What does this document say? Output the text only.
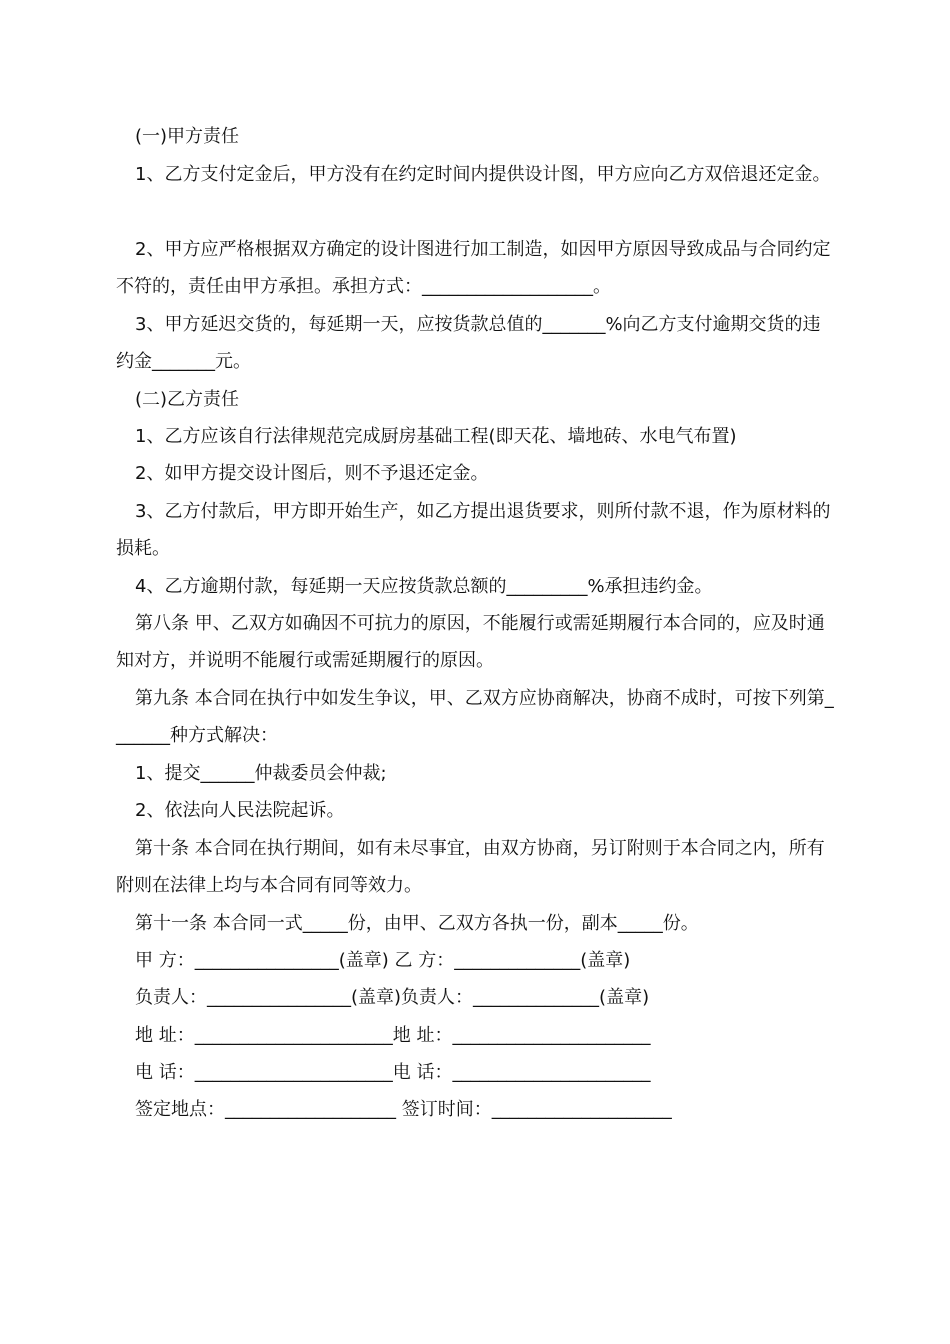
(一)甲方责任

1、乙方支付定金后，甲方没有在约定时间内提供设计图，甲方应向乙方双倍退还定金。

2、甲方应严格根据双方确定的设计图进行加工制造，如因甲方原因导致成品与合同约定不符的，责任由甲方承担。承担方式：___________________。

3、甲方延迟交货的，每延期一天，应按货款总值的_______%向乙方支付逾期交货的违约金_______元。

(二)乙方责任

1、乙方应该自行法律规范完成厨房基础工程(即天花、墙地砖、水电气布置)

2、如甲方提交设计图后，则不予退还定金。

3、乙方付款后，甲方即开始生产，如乙方提出退货要求，则所付款不退，作为原材料的损耗。

4、乙方逾期付款，每延期一天应按货款总额的_________%承担违约金。

第八条 甲、乙双方如确因不可抗力的原因，不能履行或需延期履行本合同的，应及时通知对方，并说明不能履行或需延期履行的原因。

第九条 本合同在执行中如发生争议，甲、乙双方应协商解决，协商不成时，可按下列第_______种方式解决：

1、提交______仲裁委员会仲裁;

2、依法向人民法院起诉。

第十条 本合同在执行期间，如有未尽事宜，由双方协商，另订附则于本合同之内，所有附则在法律上均与本合同有同等效力。

第十一条 本合同一式_____份，由甲、乙双方各执一份，副本_____份。

甲 方：________________(盖章) 乙 方：______________(盖章)

负责人：________________(盖章)负责人：______________(盖章)

地 址：______________________地 址：______________________

电 话：______________________电 话：______________________

签定地点：___________________ 签订时间：____________________
